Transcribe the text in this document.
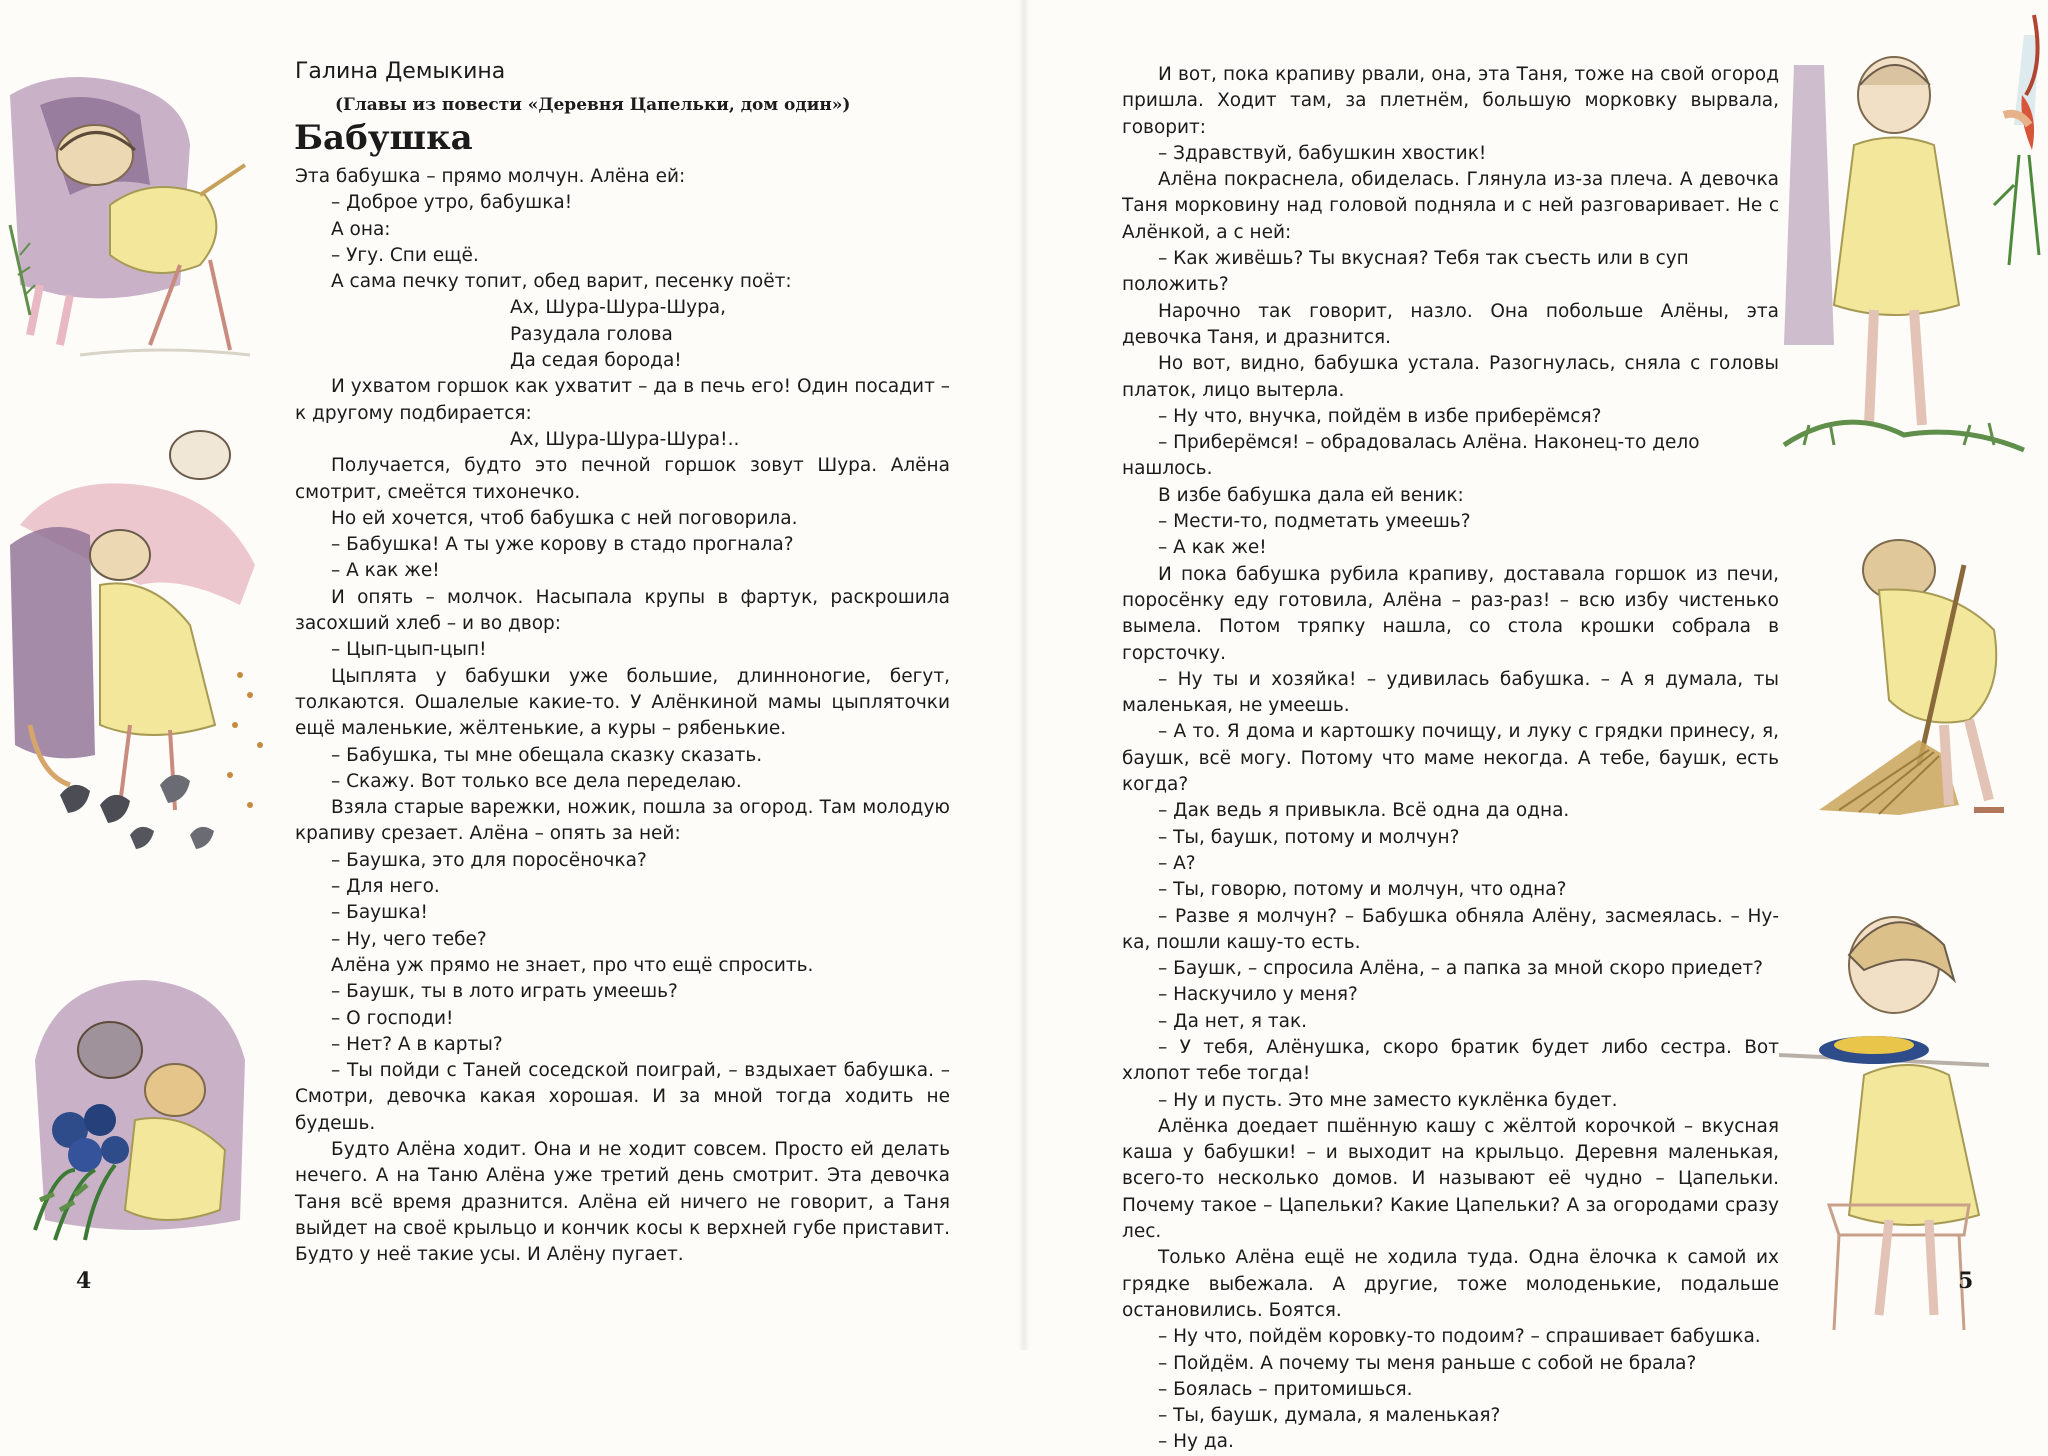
Галина Демыкина
(Главы из повести «Деревня Цапельки, дом один»)
Бабушка

Эта бабушка – прямо молчун. Алёна ей:

– Доброе утро, бабушка!

А она:

– Угу. Спи ещё.

А сама печку топит, обед варит, песенку поёт:

Ах, Шура-Шура-Шура,

Разудала голова

Да седая борода!

И ухватом горшок как ухватит – да в печь его! Один посадит – к другому подбирается:

Ах, Шура-Шура-Шура!..

Получается, будто это печной горшок зовут Шура. Алёна смотрит, смеётся тихонечко.

Но ей хочется, чтоб бабушка с ней поговорила.

– Бабушка! А ты уже корову в стадо прогнала?

– А как же!

И опять – молчок. Насыпала крупы в фартук, раскрошила засохший хлеб – и во двор:

– Цып-цып-цып!

Цыплята у бабушки уже большие, длинноногие, бегут, толкаются. Ошалелые какие-то. У Алёнкиной мамы цыпляточки ещё маленькие, жёлтенькие, а куры – рябенькие.

– Бабушка, ты мне обещала сказку сказать.

– Скажу. Вот только все дела переделаю.

Взяла старые варежки, ножик, пошла за огород. Там молодую крапиву срезает. Алёна – опять за ней:

– Баушка, это для поросёночка?

– Для него.

– Баушка!

– Ну, чего тебе?

Алёна уж прямо не знает, про что ещё спросить.

– Баушк, ты в лото играть умеешь?

– О господи!

– Нет? А в карты?

– Ты пойди с Таней соседской поиграй, – вздыхает бабушка. – Смотри, девочка какая хорошая. И за мной тогда ходить не будешь.

Будто Алёна ходит. Она и не ходит совсем. Просто ей делать нечего. А на Таню Алёна уже третий день смотрит. Эта девочка Таня всё время дразнится. Алёна ей ничего не говорит, а Таня выйдет на своё крыльцо и кончик косы к верхней губе приставит. Будто у неё такие усы. И Алёну пугает.

4

И вот, пока крапиву рвали, она, эта Таня, тоже на свой огород пришла. Ходит там, за плетнём, большую морковку вырвала, говорит:

– Здравствуй, бабушкин хвостик!

Алёна покраснела, обиделась. Глянула из-за плеча. А девочка Таня морковину над головой подняла и с ней разговаривает. Не с Алёнкой, а с ней:

– Как живёшь? Ты вкусная? Тебя так съесть или в суп положить?

Нарочно так говорит, назло. Она побольше Алёны, эта девочка Таня, и дразнится.

Но вот, видно, бабушка устала. Разогнулась, сняла с головы платок, лицо вытерла.

– Ну что, внучка, пойдём в избе приберёмся?

– Приберёмся! – обрадовалась Алёна. Наконец-то дело нашлось.

В избе бабушка дала ей веник:

– Мести-то, подметать умеешь?

– А как же!

И пока бабушка рубила крапиву, доставала горшок из печи, поросёнку еду готовила, Алёна – раз-раз! – всю избу чистенько вымела. Потом тряпку нашла, со стола крошки собрала в горсточку.

– Ну ты и хозяйка! – удивилась бабушка. – А я думала, ты маленькая, не умеешь.

– А то. Я дома и картошку почищу, и луку с грядки принесу, я, баушк, всё могу. Потому что маме некогда. А тебе, баушк, есть когда?

– Дак ведь я привыкла. Всё одна да одна.

– Ты, баушк, потому и молчун?

– А?

– Ты, говорю, потому и молчун, что одна?

– Разве я молчун? – Бабушка обняла Алёну, засмеялась. – Ну-ка, пошли кашу-то есть.

– Баушк, – спросила Алёна, – а папка за мной скоро приедет?

– Наскучило у меня?

– Да нет, я так.

– У тебя, Алёнушка, скоро братик будет либо сестра. Вот хлопот тебе тогда!

– Ну и пусть. Это мне заместо куклёнка будет.

Алёнка доедает пшённую кашу с жёлтой корочкой – вкусная каша у бабушки! – и выходит на крыльцо. Деревня маленькая, всего-то несколько домов. И называют её чудно – Цапельки. Почему такое – Цапельки? Какие Цапельки? А за огородами сразу лес.

Только Алёна ещё не ходила туда. Одна ёлочка к самой их грядке выбежала. А другие, тоже молоденькие, подальше остановились. Боятся.

– Ну что, пойдём коровку-то подоим? – спрашивает бабушка.

– Пойдём. А почему ты меня раньше с собой не брала?

– Боялась – притомишься.

– Ты, баушк, думала, я маленькая?

– Ну да.

5
